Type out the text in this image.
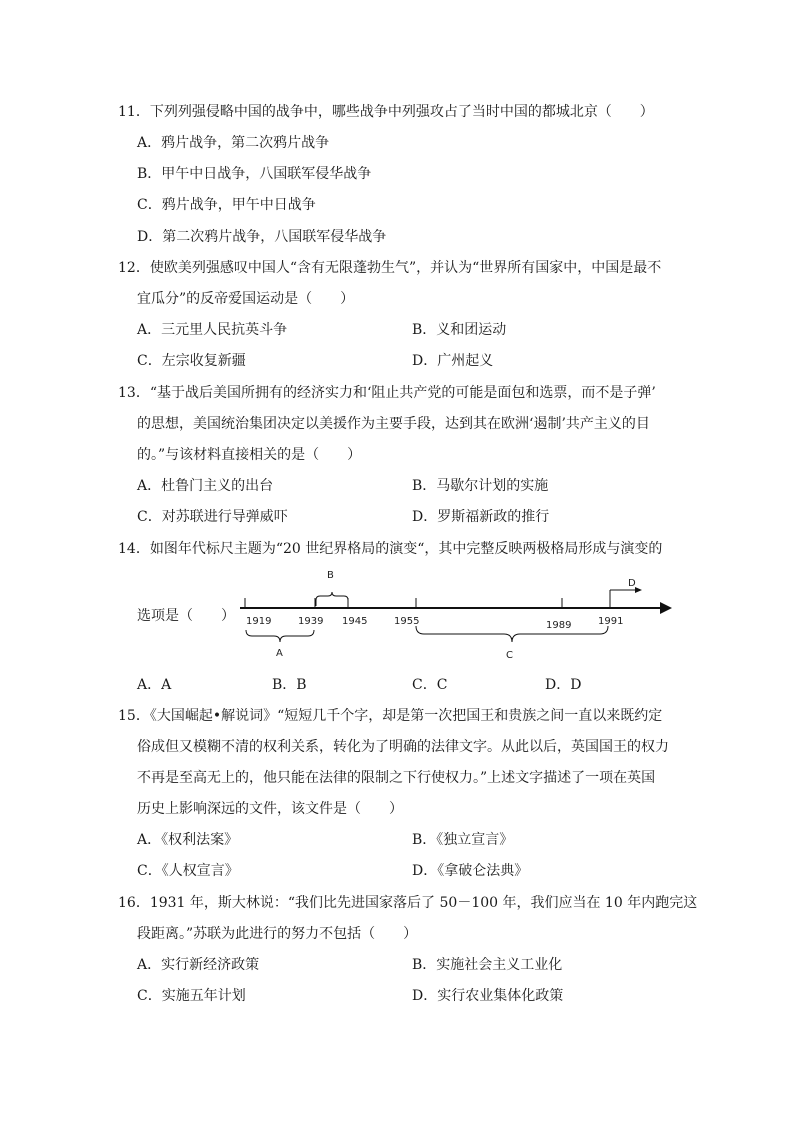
11．下列列强侵略中国的战争中，哪些战争中列强攻占了当时中国的都城北京（　　）
A．鸦片战争，第二次鸦片战争
B．甲午中日战争，八国联军侵华战争
C．鸦片战争，甲午中日战争
D．第二次鸦片战争，八国联军侵华战争
12．使欧美列强感叹中国人“含有无限蓬勃生气”，并认为“世界所有国家中，中国是最不
宜瓜分”的反帝爱国运动是（　　）
A．三元里人民抗英斗争	B．义和团运动
C．左宗收复新疆	D．广州起义
13．“基于战后美国所拥有的经济实力和‘阻止共产党的可能是面包和选票，而不是子弹’
的思想，美国统治集团决定以美援作为主要手段，达到其在欧洲‘遏制’共产主义的目
的。”与该材料直接相关的是（　　）
A．杜鲁门主义的出台	B．马歇尔计划的实施
C．对苏联进行导弹威吓	D．罗斯福新政的推行
14．如图年代标尺主题为“20 世纪界格局的演变“，其中完整反映两极格局形成与演变的
选项是（　　） 1919	1939 1945	1955	1989	1991
B
A	C
D
A．A	B．B	C．C	D．D
15．《大国崛起•解说词》“短短几千个字，却是第一次把国王和贵族之间一直以来既约定
俗成但又模糊不清的权利关系，转化为了明确的法律文字。从此以后，英国国王的权力
不再是至高无上的，他只能在法律的限制之下行使权力。”上述文字描述了一项在英国
历史上影响深远的文件，该文件是（　　）
A．《权利法案》	B．《独立宣言》
C．《人权宣言》	D．《拿破仑法典》
16．1931 年，斯大林说：“我们比先进国家落后了 50－100 年，我们应当在 10 年内跑完这
段距离。”苏联为此进行的努力不包括（　　）
A．实行新经济政策	B．实施社会主义工业化
C．实施五年计划	D．实行农业集体化政策
